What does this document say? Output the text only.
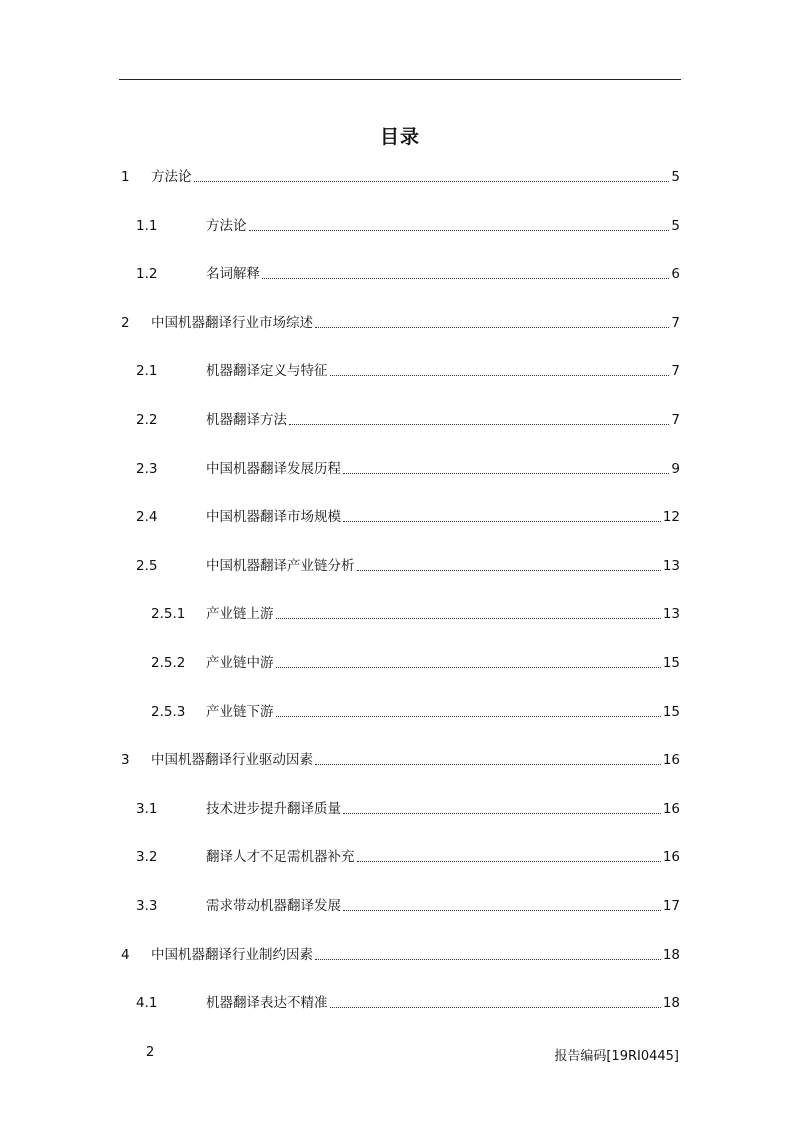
目录
1	方法论	5
1.1	方法论	5
1.2	名词解释	6
2	中国机器翻译行业市场综述	7
2.1	机器翻译定义与特征	7
2.2	机器翻译方法	7
2.3	中国机器翻译发展历程	9
2.4	中国机器翻译市场规模	12
2.5	中国机器翻译产业链分析	13
2.5.1	产业链上游	13
2.5.2	产业链中游	15
2.5.3	产业链下游	15
3	中国机器翻译行业驱动因素	16
3.1	技术进步提升翻译质量	16
3.2	翻译人才不足需机器补充	16
3.3	需求带动机器翻译发展	17
4	中国机器翻译行业制约因素	18
4.1	机器翻译表达不精准	18
2	报告编码[19RI0445]
